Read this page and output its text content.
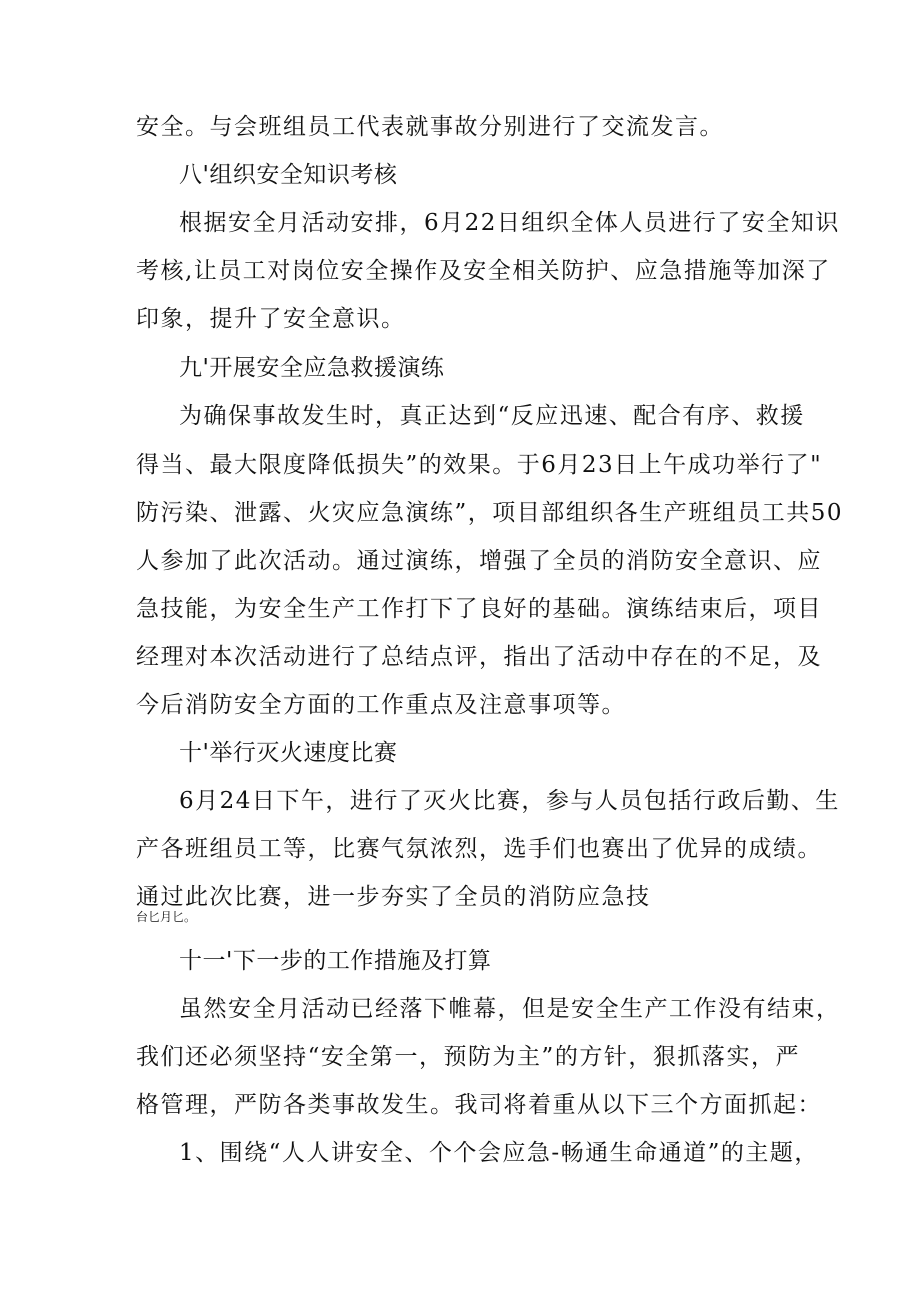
安全。与会班组员工代表就事故分别进行了交流发言。
八'组织安全知识考核
根据安全月活动安排，6月22日组织全体人员进行了安全知识
考核,让员工对岗位安全操作及安全相关防护、应急措施等加深了
印象，提升了安全意识。
九'开展安全应急救援演练
为确保事故发生时，真正达到“反应迅速、配合有序、救援
得当、最大限度降低损失”的效果。于6月23日上午成功举行了"
防污染、泄露、火灾应急演练”，项目部组织各生产班组员工共50
人参加了此次活动。通过演练，增强了全员的消防安全意识、应
急技能，为安全生产工作打下了良好的基础。演练结束后，项目
经理对本次活动进行了总结点评，指出了活动中存在的不足，及
今后消防安全方面的工作重点及注意事项等。
十'举行灭火速度比赛
6月24日下午，进行了灭火比赛，参与人员包括行政后勤、生
产各班组员工等，比赛气氛浓烈，选手们也赛出了优异的成绩。
通过此次比赛，进一步夯实了全员的消防应急技
台匕月匕。
十一'下一步的工作措施及打算
虽然安全月活动已经落下帷幕，但是安全生产工作没有结束，
我们还必须坚持“安全第一，预防为主”的方针，狠抓落实，严
格管理，严防各类事故发生。我司将着重从以下三个方面抓起：
1、围绕“人人讲安全、个个会应急-畅通生命通道”的主题，
